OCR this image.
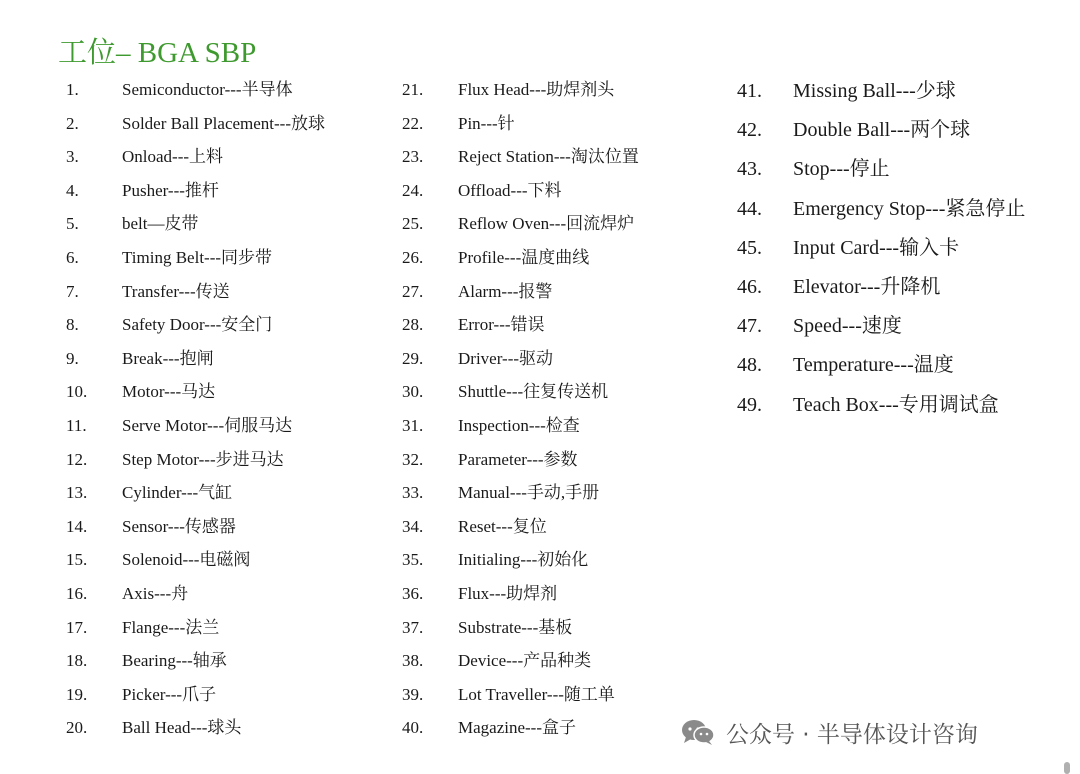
工位– BGA SBP
1.	Semiconductor---半导体
2.	Solder Ball Placement---放球
3.	Onload---上料
4.	Pusher---推杆
5.	belt—皮带
6.	Timing Belt---同步带
7.	Transfer---传送
8.	Safety Door---安全门
9.	Break---抱闸
10. Motor---马达
11. Serve Motor---伺服马达
12. Step Motor---步进马达
13. Cylinder---气缸
14. Sensor---传感器
15. Solenoid---电磁阀
16. Axis---舟
17. Flange---法兰
18. Bearing---轴承
19. Picker---爪子
20. Ball Head---球头
21. Flux Head---助焊剂头
22. Pin---针
23. Reject Station---淘汰位置
24. Offload---下料
25. Reflow Oven---回流焊炉
26. Profile---温度曲线
27. Alarm---报警
28. Error---错误
29. Driver---驱动
30. Shuttle---往复传送机
31. Inspection---检查
32. Parameter---参数
33. Manual---手动,手册
34. Reset---复位
35. Initialing---初始化
36. Flux---助焊剂
37. Substrate---基板
38. Device---产品种类
39. Lot Traveller---随工单
40. Magazine---盒子
41. Missing Ball---少球
42. Double Ball---两个球
43. Stop---停止
44. Emergency Stop---紧急停止
45. Input Card---输入卡
46. Elevator---升降机
47. Speed---速度
48. Temperature---温度
49. Teach Box---专用调试盒
公众号 · 半导体设计咨询
